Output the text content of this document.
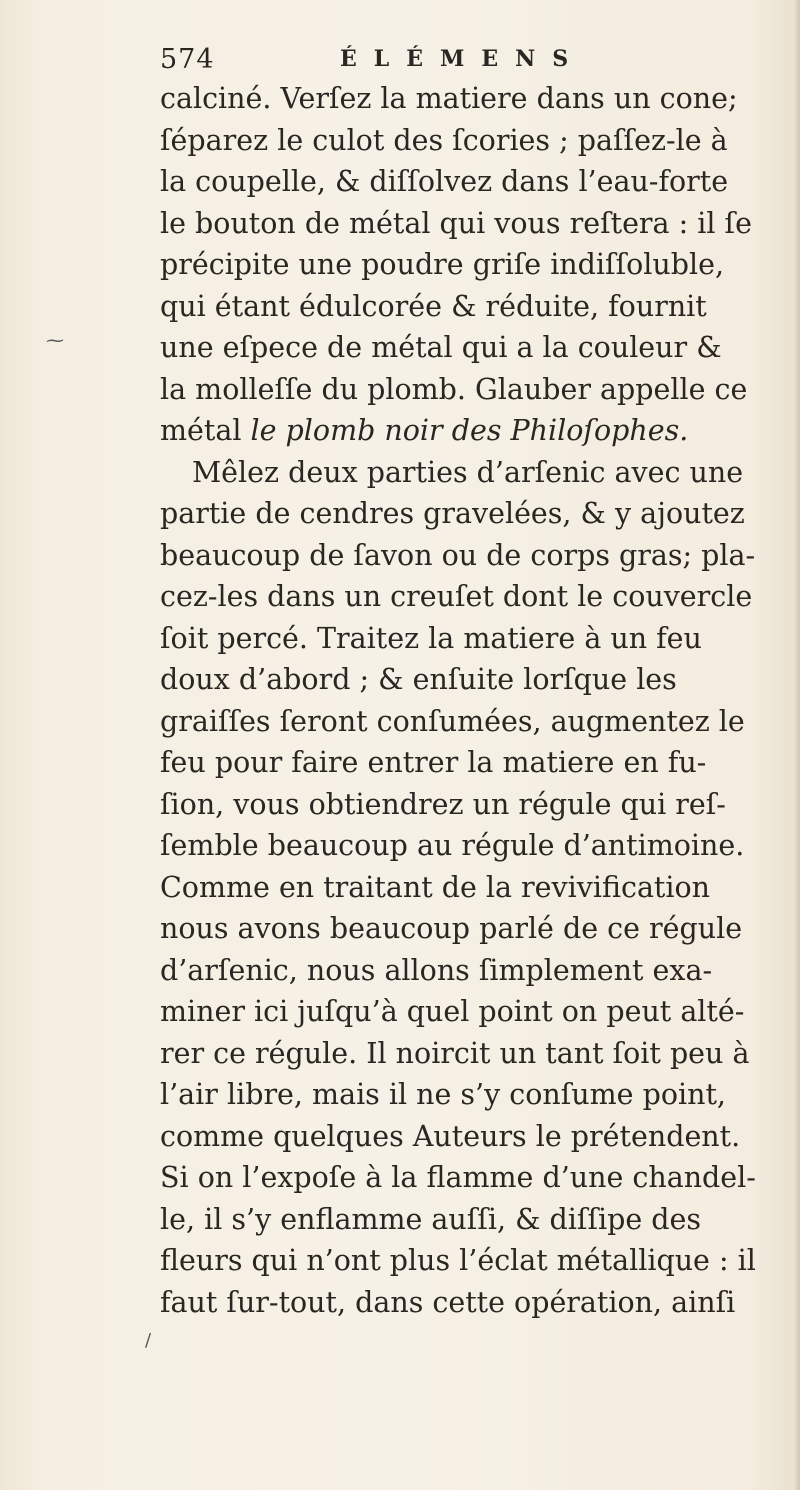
574	ÉLÉMENS
calciné. Verſez la matiere dans un cone;
ſéparez le culot des ſcories ; paſſez-le à
la coupelle, & diſſolvez dans l’eau-forte
le bouton de métal qui vous reſtera : il ſe
précipite une poudre griſe indiſſoluble,
qui étant édulcorée & réduite, fournit
une eſpece de métal qui a la couleur &
la molleſſe du plomb. Glauber appelle ce
métal le plomb noir des Philoſophes.
Mêlez deux parties d’arſenic avec une
partie de cendres gravelées, & y ajoutez
beaucoup de ſavon ou de corps gras; pla-
cez-les dans un creuſet dont le couvercle
ſoit percé. Traitez la matiere à un feu
doux d’abord ; & enſuite lorſque les
graiſſes ſeront conſumées, augmentez le
feu pour faire entrer la matiere en fu-
ſion, vous obtiendrez un régule qui reſ-
ſemble beaucoup au régule d’antimoine.
Comme en traitant de la revivification
nous avons beaucoup parlé de ce régule
d’arſenic, nous allons ſimplement exa-
miner ici juſqu’à quel point on peut alté-
rer ce régule. Il noircit un tant ſoit peu à
l’air libre, mais il ne s’y conſume point,
comme quelques Auteurs le prétendent.
Si on l’expoſe à la flamme d’une chandel-
le, il s’y enflamme auſſi, & diſſipe des
fleurs qui n’ont plus l’éclat métallique : il
faut ſur-tout, dans cette opération, ainſi
⁓
/
